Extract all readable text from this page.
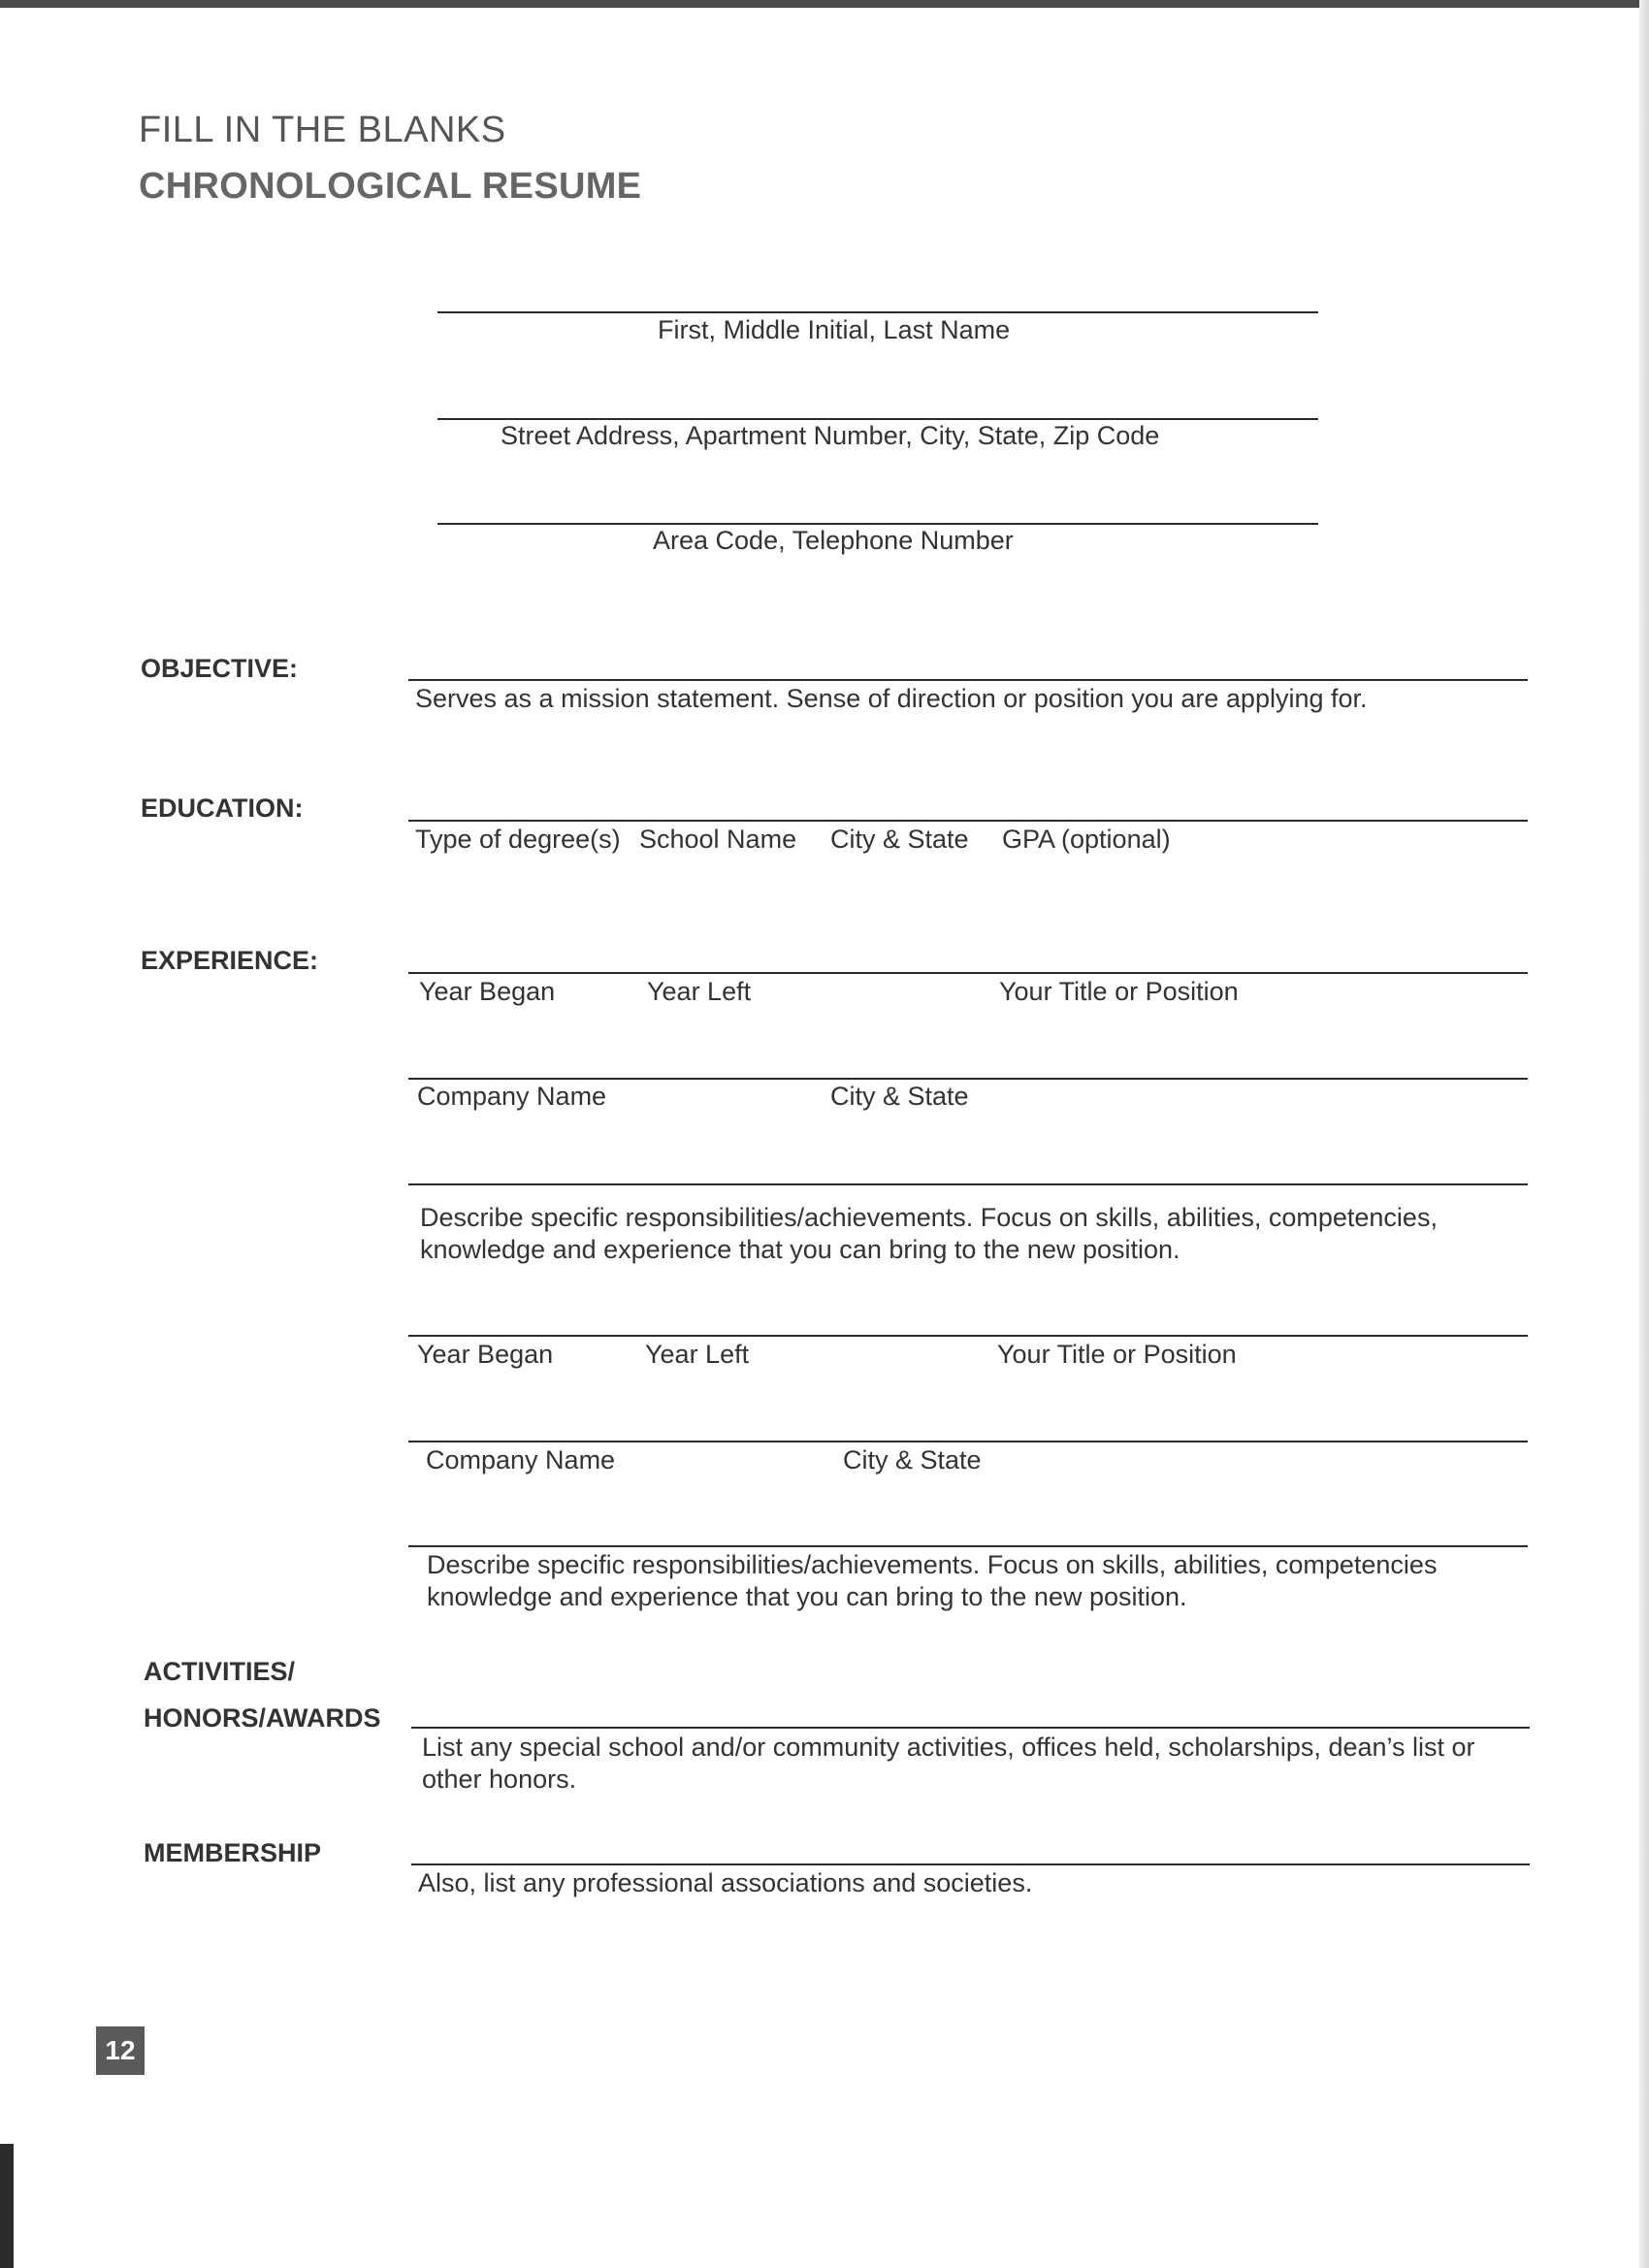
FILL IN THE BLANKS
CHRONOLOGICAL RESUME
First, Middle Initial, Last Name
Street Address, Apartment Number, City, State, Zip Code
Area Code, Telephone Number
OBJECTIVE:
Serves as a mission statement. Sense of direction or position you are applying for.
EDUCATION:
Type of degree(s) School Name City & State GPA (optional)
EXPERIENCE:
Year Began	Year Left	Your Title or Position
Company Name	City & State
Describe specific responsibilities/achievements. Focus on skills, abilities, competencies, knowledge and experience that you can bring to the new position.
Year Began	Year Left	Your Title or Position
Company Name	City & State
Describe specific responsibilities/achievements. Focus on skills, abilities, competencies knowledge and experience that you can bring to the new position.
ACTIVITIES/
HONORS/AWARDS
List any special school and/or community activities, offices held, scholarships, dean’s list or other honors.
MEMBERSHIP
Also, list any professional associations and societies.
12
